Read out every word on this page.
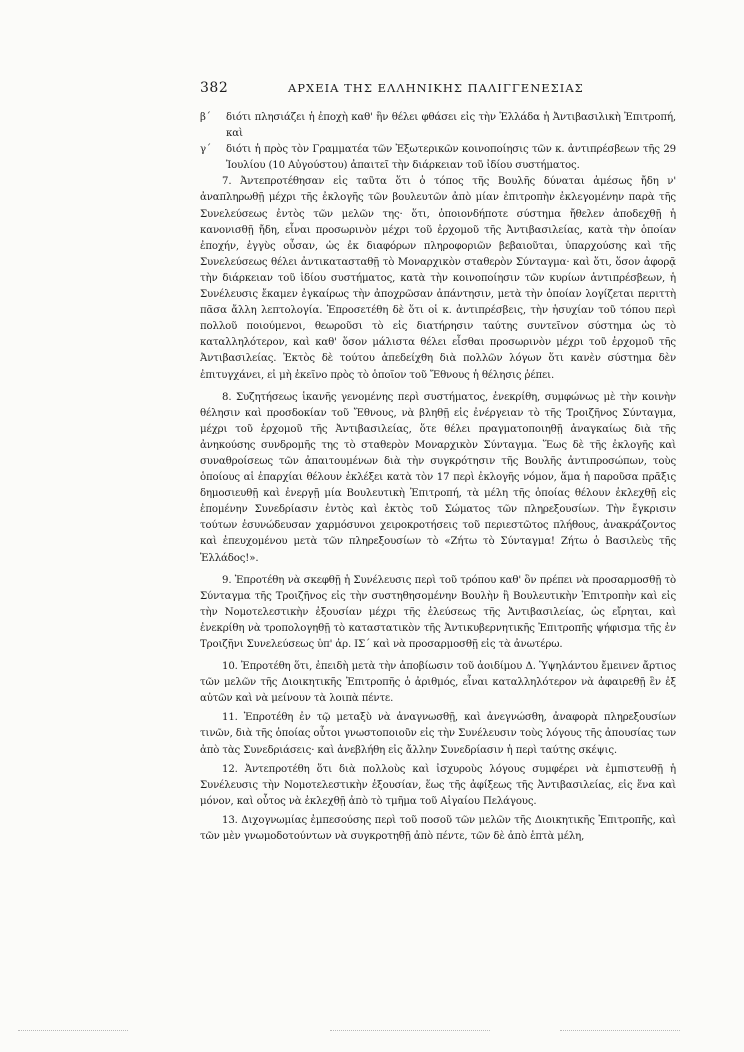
382	ΑΡΧΕΙΑ ΤΗΣ ΕΛΛΗΝΙΚΗΣ ΠΑΛΙΓΓΕΝΕΣΙΑΣ

β΄ διότι πλησιάζει ἡ ἐποχὴ καθ' ἣν θέλει φθάσει εἰς τὴν Ἑλλάδα ἡ Ἀντιβασιλικὴ Ἐπιτροπή, καὶ

γ΄ διότι ἡ πρὸς τὸν Γραμματέα τῶν Ἐξωτερικῶν κοινοποίησις τῶν κ. ἀντιπρέσβεων τῆς 29 Ἰουλίου (10 Αὐγούστου) ἀπαιτεῖ τὴν διάρκειαν τοῦ ἰδίου συστήματος.

7. Ἀντεπροτέθησαν εἰς ταῦτα ὅτι ὁ τόπος τῆς Βουλῆς δύναται ἀμέσως ἤδη ν' ἀναπληρωθῇ μέχρι τῆς ἐκλογῆς τῶν βουλευτῶν ἀπὸ μίαν ἐπιτροπὴν ἐκλεγομένην παρὰ τῆς Συνελεύσεως ἐντὸς τῶν μελῶν της· ὅτι, ὁποιονδήποτε σύστημα ἤθελεν ἀποδεχθῇ ἡ κανονισθῇ ἤδη, εἶναι προσωρινὸν μέχρι τοῦ ἐρχομοῦ τῆς Ἀντιβασιλείας, κατὰ τὴν ὁποίαν ἐποχήν, ἐγγὺς οὖσαν, ὡς ἐκ διαφόρων πληροφοριῶν βεβαιοῦται, ὑπαρχούσης καὶ τῆς Συνελεύσεως θέλει ἀντικατασταθῇ τὸ Μοναρχικὸν σταθερὸν Σύνταγμα· καὶ ὅτι, ὅσον ἀφορᾷ τὴν διάρκειαν τοῦ ἰδίου συστήματος, κατὰ τὴν κοινοποίησιν τῶν κυρίων ἀντιπρέσβεων, ἡ Συνέλευσις ἔκαμεν ἐγκαίρως τὴν ἀποχρῶσαν ἀπάντησιν, μετὰ τὴν ὁποίαν λογίζεται περιττὴ πᾶσα ἄλλη λεπτολογία. Ἐπροσετέθη δὲ ὅτι οἱ κ. ἀντιπρέσβεις, τὴν ἡσυχίαν τοῦ τόπου περὶ πολλοῦ ποιούμενοι, θεωροῦσι τὸ εἰς διατήρησιν ταύτης συντεῖνον σύστημα ὡς τὸ καταλληλότερον, καὶ καθ' ὅσον μάλιστα θέλει εἶσθαι προσωρινὸν μέχρι τοῦ ἐρχομοῦ τῆς Ἀντιβασιλείας. Ἐκτὸς δὲ τούτου ἀπεδείχθη διὰ πολλῶν λόγων ὅτι κανὲν σύστημα δὲν ἐπιτυγχάνει, εἰ μὴ ἐκεῖνο πρὸς τὸ ὁποῖον τοῦ Ἔθνους ἡ θέλησις ῥέπει.

8. Συζητήσεως ἱκανῆς γενομένης περὶ συστήματος, ἐνεκρίθη, συμφώνως μὲ τὴν κοινὴν θέλησιν καὶ προσδοκίαν τοῦ Ἔθνους, νὰ βληθῇ εἰς ἐνέργειαν τὸ τῆς Τροιζῆνος Σύνταγμα, μέχρι τοῦ ἐρχομοῦ τῆς Ἀντιβασιλείας, ὅτε θέλει πραγματοποιηθῇ ἀναγκαίως διὰ τῆς ἀνηκούσης συνδρομῆς της τὸ σταθερὸν Μοναρχικὸν Σύνταγμα. Ἕως δὲ τῆς ἐκλογῆς καὶ συναθροίσεως τῶν ἀπαιτουμένων διὰ τὴν συγκρότησιν τῆς Βουλῆς ἀντιπροσώπων, τοὺς ὁποίους αἱ ἐπαρχίαι θέλουν ἐκλέξει κατὰ τὸν 17 περὶ ἐκλογῆς νόμον, ἅμα ἡ παροῦσα πρᾶξις δημοσιευθῇ καὶ ἐνεργῇ μία Βουλευτικὴ Ἐπιτροπή, τὰ μέλη τῆς ὁποίας θέλουν ἐκλεχθῇ εἰς ἐπομένην Συνεδρίασιν ἐντὸς καὶ ἐκτὸς τοῦ Σώματος τῶν πληρεξουσίων. Τὴν ἔγκρισιν τούτων ἐσυνώδευσαν χαρμόσυνοι χειροκροτήσεις τοῦ περιεστῶτος πλήθους, ἀνακράζοντος καὶ ἐπευχομένου μετὰ τῶν πληρεξουσίων τὸ «Ζήτω τὸ Σύνταγμα! Ζήτω ὁ Βασιλεὺς τῆς Ἑλλάδος!».

9. Ἐπροτέθη νὰ σκεφθῇ ἡ Συνέλευσις περὶ τοῦ τρόπου καθ' ὃν πρέπει νὰ προσαρμοσθῇ τὸ Σύνταγμα τῆς Τροιζῆνος εἰς τὴν συστηθησομένην Βουλὴν ἢ Βουλευτικὴν Ἐπιτροπὴν καὶ εἰς τὴν Νομοτελεστικὴν ἐξουσίαν μέχρι τῆς ἐλεύσεως τῆς Ἀντιβασιλείας, ὡς εἴρηται, καὶ ἐνεκρίθη νὰ τροπολογηθῇ τὸ καταστατικὸν τῆς Ἀντικυβερνητικῆς Ἐπιτροπῆς ψήφισμα τῆς ἐν Τροιζῆνι Συνελεύσεως ὑπ' ἀρ. ΙΣ΄ καὶ νὰ προσαρμοσθῇ εἰς τὰ ἀνωτέρω.

10. Ἐπροτέθη ὅτι, ἐπειδὴ μετὰ τὴν ἀποβίωσιν τοῦ ἀοιδίμου Δ. Ὑψηλάντου ἔμεινεν ἄρτιος τῶν μελῶν τῆς Διοικητικῆς Ἐπιτροπῆς ὁ ἀριθμός, εἶναι καταλληλότερον νὰ ἀφαιρεθῇ ἓν ἐξ αὐτῶν καὶ νὰ μείνουν τὰ λοιπὰ πέντε.

11. Ἐπροτέθη ἐν τῷ μεταξὺ νὰ ἀναγνωσθῇ, καὶ ἀνεγνώσθη, ἀναφορὰ πληρεξουσίων τινῶν, διὰ τῆς ὁποίας οὗτοι γνωστοποιοῦν εἰς τὴν Συνέλευσιν τοὺς λόγους τῆς ἀπουσίας των ἀπὸ τὰς Συνεδριάσεις· καὶ ἀνεβλήθη εἰς ἄλλην Συνεδρίασιν ἡ περὶ ταύτης σκέψις.

12. Ἀντεπροτέθη ὅτι διὰ πολλοὺς καὶ ἰσχυροὺς λόγους συμφέρει νὰ ἐμπιστευθῇ ἡ Συνέλευσις τὴν Νομοτελεστικὴν ἐξουσίαν, ἕως τῆς ἀφίξεως τῆς Ἀντιβασιλείας, εἰς ἕνα καὶ μόνον, καὶ οὗτος νὰ ἐκλεχθῇ ἀπὸ τὸ τμῆμα τοῦ Αἰγαίου Πελάγους.

13. Διχογνωμίας ἐμπεσούσης περὶ τοῦ ποσοῦ τῶν μελῶν τῆς Διοικητικῆς Ἐπιτροπῆς, καὶ τῶν μὲν γνωμοδοτούντων νὰ συγκροτηθῇ ἀπὸ πέντε, τῶν δὲ ἀπὸ ἑπτὰ μέλη,
